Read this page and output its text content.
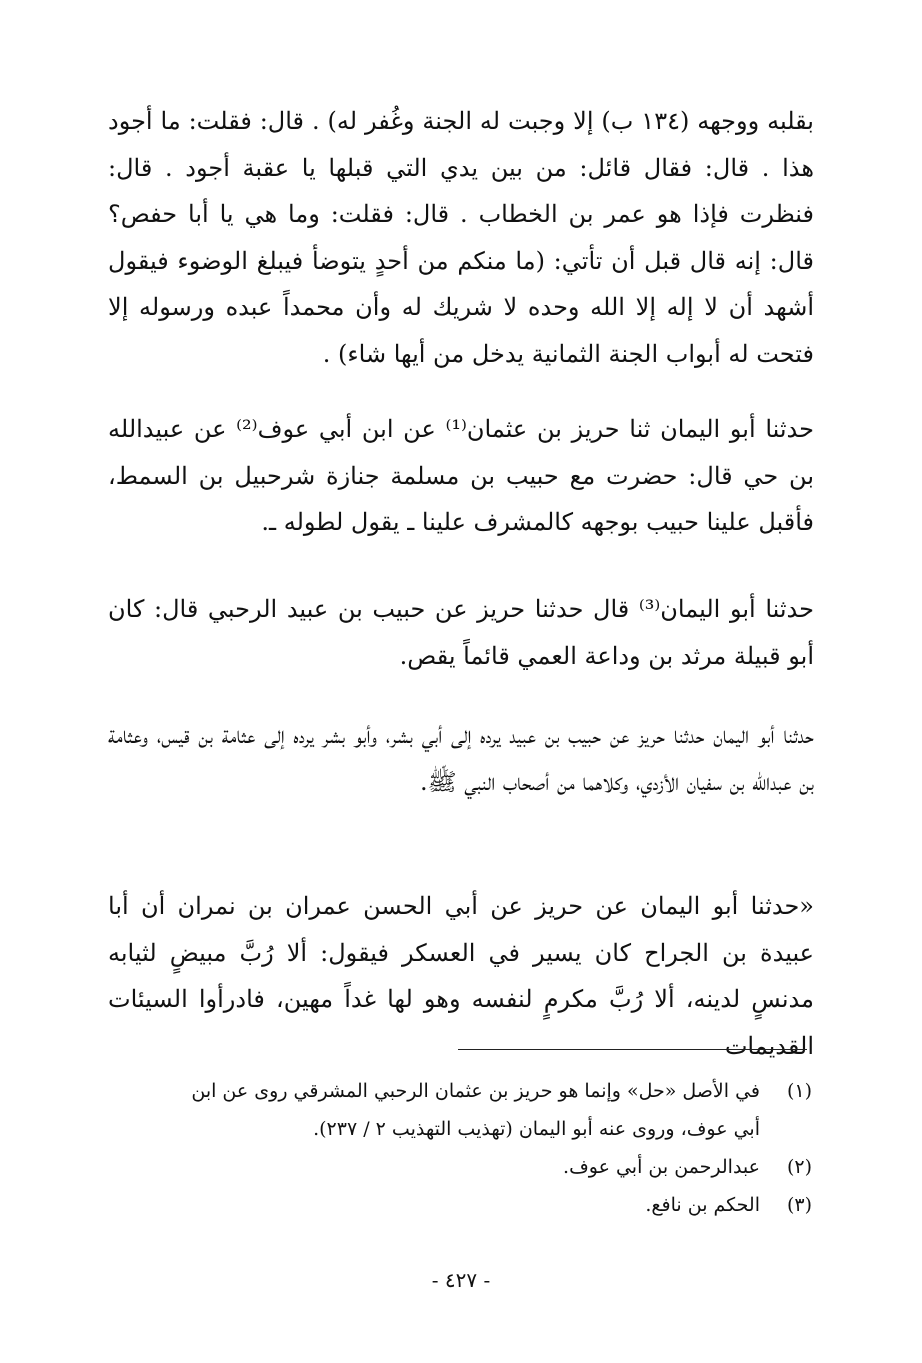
بقلبه ووجهه (١٣٤ ب) إلا وجبت له الجنة وغُفر له) . قال: فقلت: ما أجود هذا . قال: فقال قائل: من بين يدي التي قبلها يا عقبة أجود . قال: فنظرت فإذا هو عمر بن الخطاب . قال: فقلت: وما هي يا أبا حفص؟ قال: إنه قال قبل أن تأتي: (ما منكم من أحدٍ يتوضأ فيبلغ الوضوء فيقول أشهد أن لا إله إلا الله وحده لا شريك له وأن محمداً عبده ورسوله إلا فتحت له أبواب الجنة الثمانية يدخل من أيها شاء) .

حدثنا أبو اليمان ثنا حريز بن عثمان⁽¹⁾ عن ابن أبي عوف⁽²⁾ عن عبيدالله بن حي قال: حضرت مع حبيب بن مسلمة جنازة شرحبيل بن السمط، فأقبل علينا حبيب بوجهه كالمشرف علينا ـ يقول لطوله ـ.

حدثنا أبو اليمان⁽³⁾ قال حدثنا حريز عن حبيب بن عبيد الرحبي قال: كان أبو قبيلة مرثد بن وداعة العمي قائماً يقص.

حدثنا أبو اليمان حدثنا حريز عن حبيب بن عبيد يرده إلى أبي بشر، وأبو بشر يرده إلى عثامة بن قيس، وعثامة بن عبدالله بن سفيان الأزدي، وكلاهما من أصحاب النبي ﷺ.

«حدثنا أبو اليمان عن حريز عن أبي الحسن عمران بن نمران أن أبا عبيدة بن الجراح كان يسير في العسكر فيقول: ألا رُبَّ مبيضٍ لثيابه مدنسٍ لدينه، ألا رُبَّ مكرمٍ لنفسه وهو لها غداً مهين، فادرأوا السيئات القديمات

(١)
في الأصل «حل» وإنما هو حريز بن عثمان الرحبي المشرقي روى عن ابن أبي عوف، وروى عنه أبو اليمان (تهذيب التهذيب ٢ / ٢٣٧).
(٢)
عبدالرحمن بن أبي عوف.
(٣)
الحكم بن نافع.
- ٤٢٧ -
